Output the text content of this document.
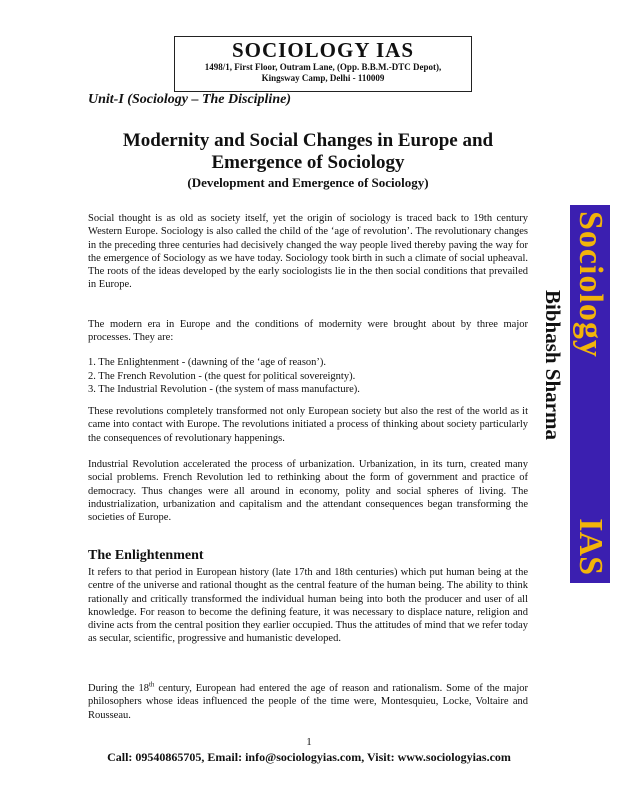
SOCIOLOGY IAS
1498/1, First Floor, Outram Lane, (Opp. B.B.M.-DTC Depot),
Kingsway Camp, Delhi - 110009
Unit-I (Sociology – The Discipline)
Modernity and Social Changes in Europe and
Emergence of Sociology
(Development and Emergence of Sociology)
Social thought is as old as society itself, yet the origin of sociology is traced back to 19th century Western Europe. Sociology is also called the child of the ‘age of revolution’. The revolutionary changes in the preceding three centuries had decisively changed the way people lived thereby paving the way for the emergence of Sociology as we have today. Sociology took birth in such a climate of social upheaval. The roots of the ideas developed by the early sociologists lie in the then social conditions that prevailed in Europe.
The modern era in Europe and the conditions of modernity were brought about by three major processes. They are:
1. The Enlightenment - (dawning of the ‘age of reason’).
2. The French Revolution - (the quest for political sovereignty).
3. The Industrial Revolution - (the system of mass manufacture).
These revolutions completely transformed not only European society but also the rest of the world as it came into contact with Europe. The revolutions initiated a process of thinking about society particularly the consequences of revolutionary happenings.
Industrial Revolution accelerated the process of urbanization. Urbanization, in its turn, created many social problems. French Revolution led to rethinking about the form of government and practice of democracy. Thus changes were all around in economy, polity and social spheres of living. The industrialization, urbanization and capitalism and the attendant consequences began transforming the societies of Europe.
The Enlightenment
It refers to that period in European history (late 17th and 18th centuries) which put human being at the centre of the universe and rational thought as the central feature of the human being. The ability to think rationally and critically transformed the individual human being into both the producer and user of all knowledge. For reason to become the defining feature, it was necessary to displace nature, religion and divine acts from the central position they earlier occupied. Thus the attitudes of mind that we refer today as secular, scientific, progressive and humanistic developed.
During the 18th century, European had entered the age of reason and rationalism. Some of the major philosophers whose ideas influenced the people of the time were, Montesquieu, Locke, Voltaire and Rousseau.
1
Call: 09540865705, Email: info@sociologyias.com, Visit: www.sociologyias.com
Bibhash Sharma
Sociology
IAS
